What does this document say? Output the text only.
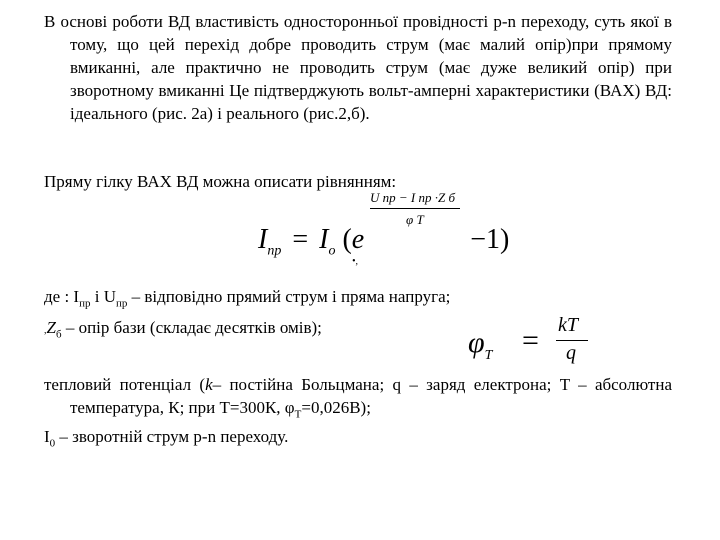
В основі роботи ВД властивість односторонньої провідності p-n переходу, суть якої в тому, що цей перехід добре проводить струм (має малий опір)при прямому вмиканні, але практично не проводить струм (має дуже великий опір) при зворотному вмиканні Це підтверджують вольт-амперні характеристики (ВАХ) ВД: ідеального (рис. 2а) і реального (рис.2,б).
Пряму гілку ВАХ ВД можна описати рівнянням:
U пр − I пр ·Z б
φ T
$I_{пр} = I_о$ (e	−1)
•,
де : $I_{пр}$ і $U_{пр}$ – відповідно прямий струм і пряма напруга;
$,Z_б$ – опір бази (складає десятків омів);	$\varphi_T$ = kT
q
тепловий потенціал (k– постійна Больцмана; q – заряд електрона; T – абсолютна температура, К; при T=300К, $\varphi_T=0,026В$);
$I_0$ – зворотній струм p-n переходу.
